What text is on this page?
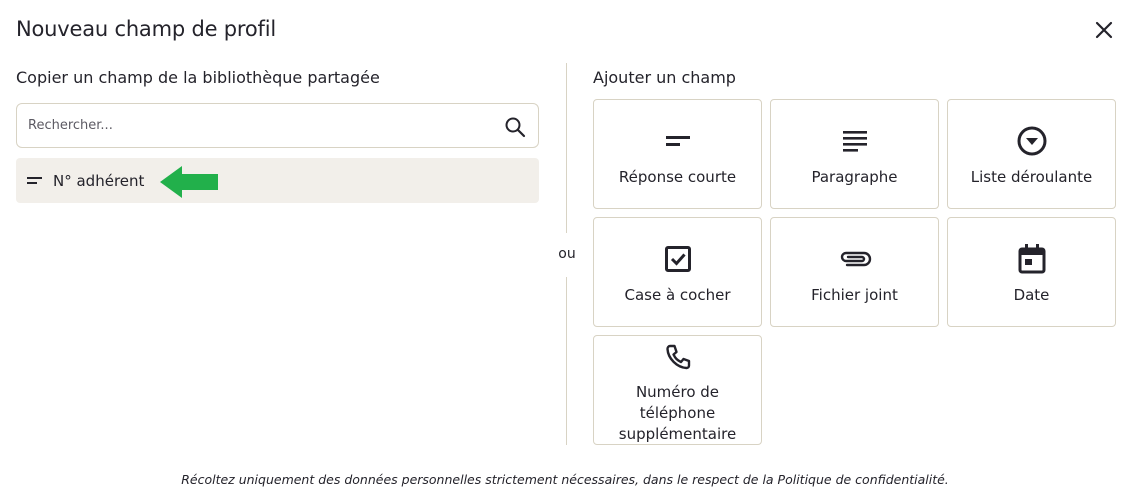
Nouveau champ de profil
Copier un champ de la bibliothèque partagée
Rechercher...
N° adhérent
ou
Ajouter un champ
Réponse courte	Paragraphe	Liste déroulante
Case à cocher	Fichier joint	Date
Numéro de téléphone supplémentaire
Récoltez uniquement des données personnelles strictement nécessaires, dans le respect de la Politique de confidentialité.
